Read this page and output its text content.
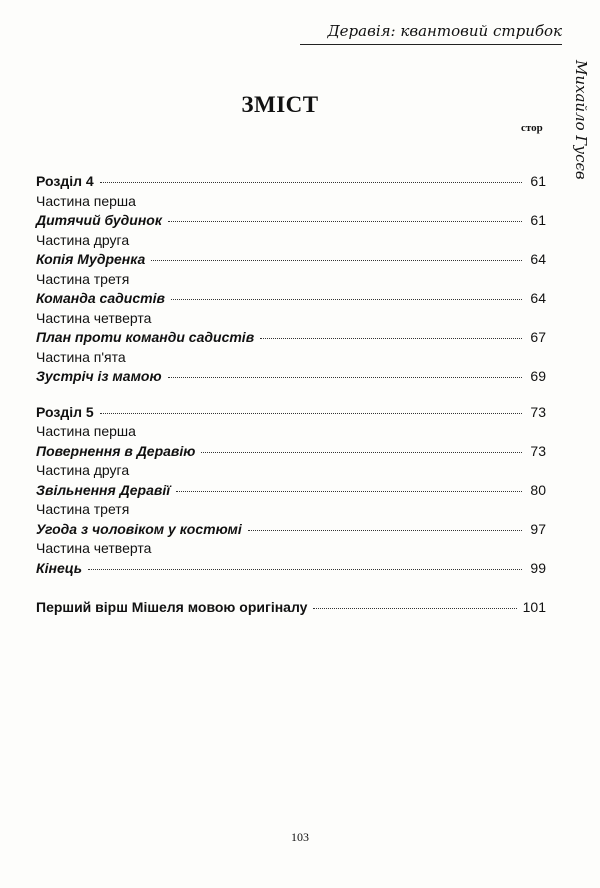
Деравія: квантовий стрибок
Михайло Гусєв
ЗМІСТ
стор
Розділ 4	61
Частина перша
Дитячий будинок	61
Частина друга
Копія Мудренка	64
Частина третя
Команда садистів	64
Частина четверта
План проти команди садистів	67
Частина п'ята
Зустріч із мамою	69
Розділ 5	73
Частина перша
Повернення в Деравію	73
Частина друга
Звільнення Деравії	80
Частина третя
Угода з чоловіком у костюмі	97
Частина четверта
Кінець	99
Перший вірш Мішеля мовою оригіналу	101
103
